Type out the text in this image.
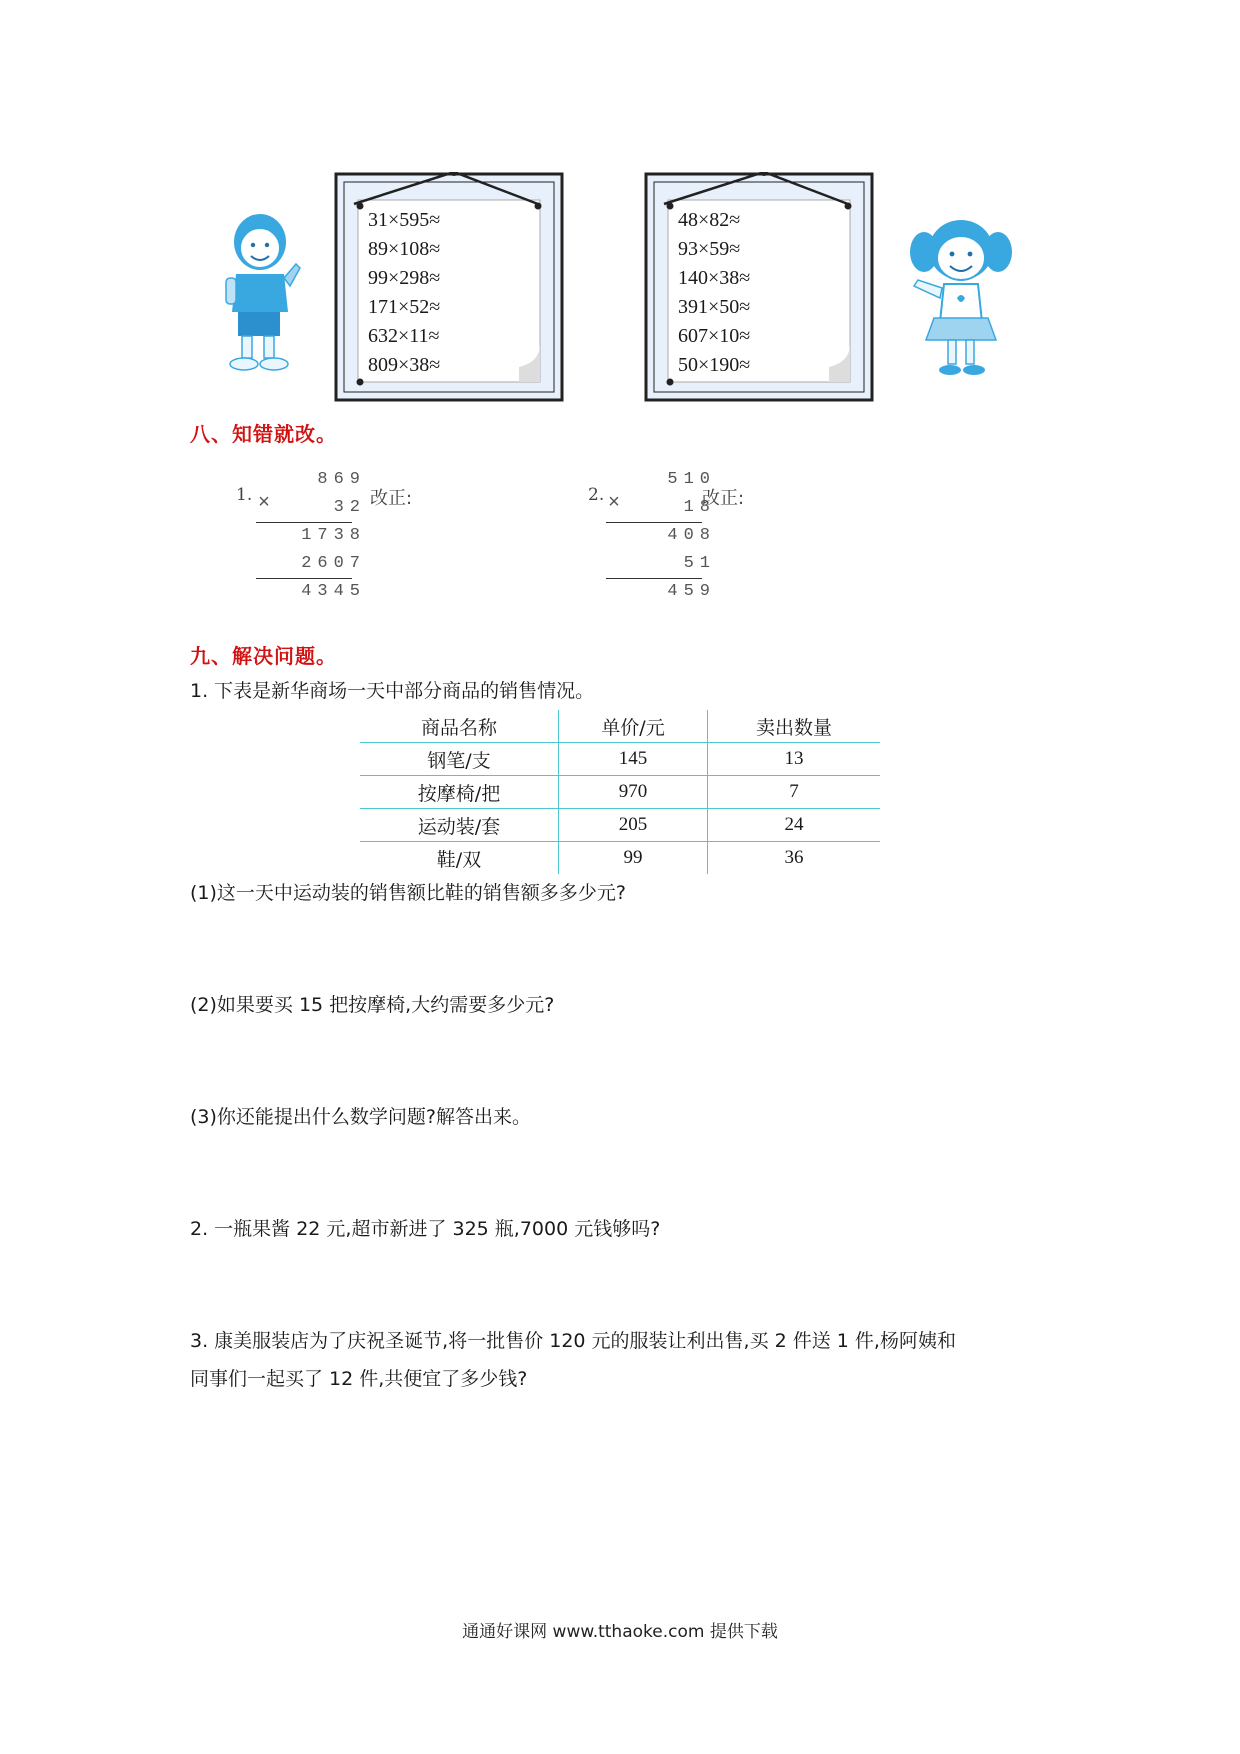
31×595≈
89×108≈
99×298≈
171×52≈
632×11≈
809×38≈
48×82≈
93×59≈
140×38≈
391×50≈
607×10≈
50×190≈
八、知错就改。
1.
869
32
×
1738
2607
4345
改正:	2.
510
18
×
408
51
459
改正:
九、解决问题。
1. 下表是新华商场一天中部分商品的销售情况。
商品名称	单价/元	卖出数量
钢笔/支	145	13
按摩椅/把	970	7
运动装/套	205	24
鞋/双	99	36
(1)这一天中运动装的销售额比鞋的销售额多多少元?
(2)如果要买 15 把按摩椅,大约需要多少元?
(3)你还能提出什么数学问题?解答出来。
2. 一瓶果酱 22 元,超市新进了 325 瓶,7000 元钱够吗?
3. 康美服装店为了庆祝圣诞节,将一批售价 120 元的服装让利出售,买 2 件送 1 件,杨阿姨和
同事们一起买了 12 件,共便宜了多少钱?
通通好课网 www.tthaoke.com 提供下载
